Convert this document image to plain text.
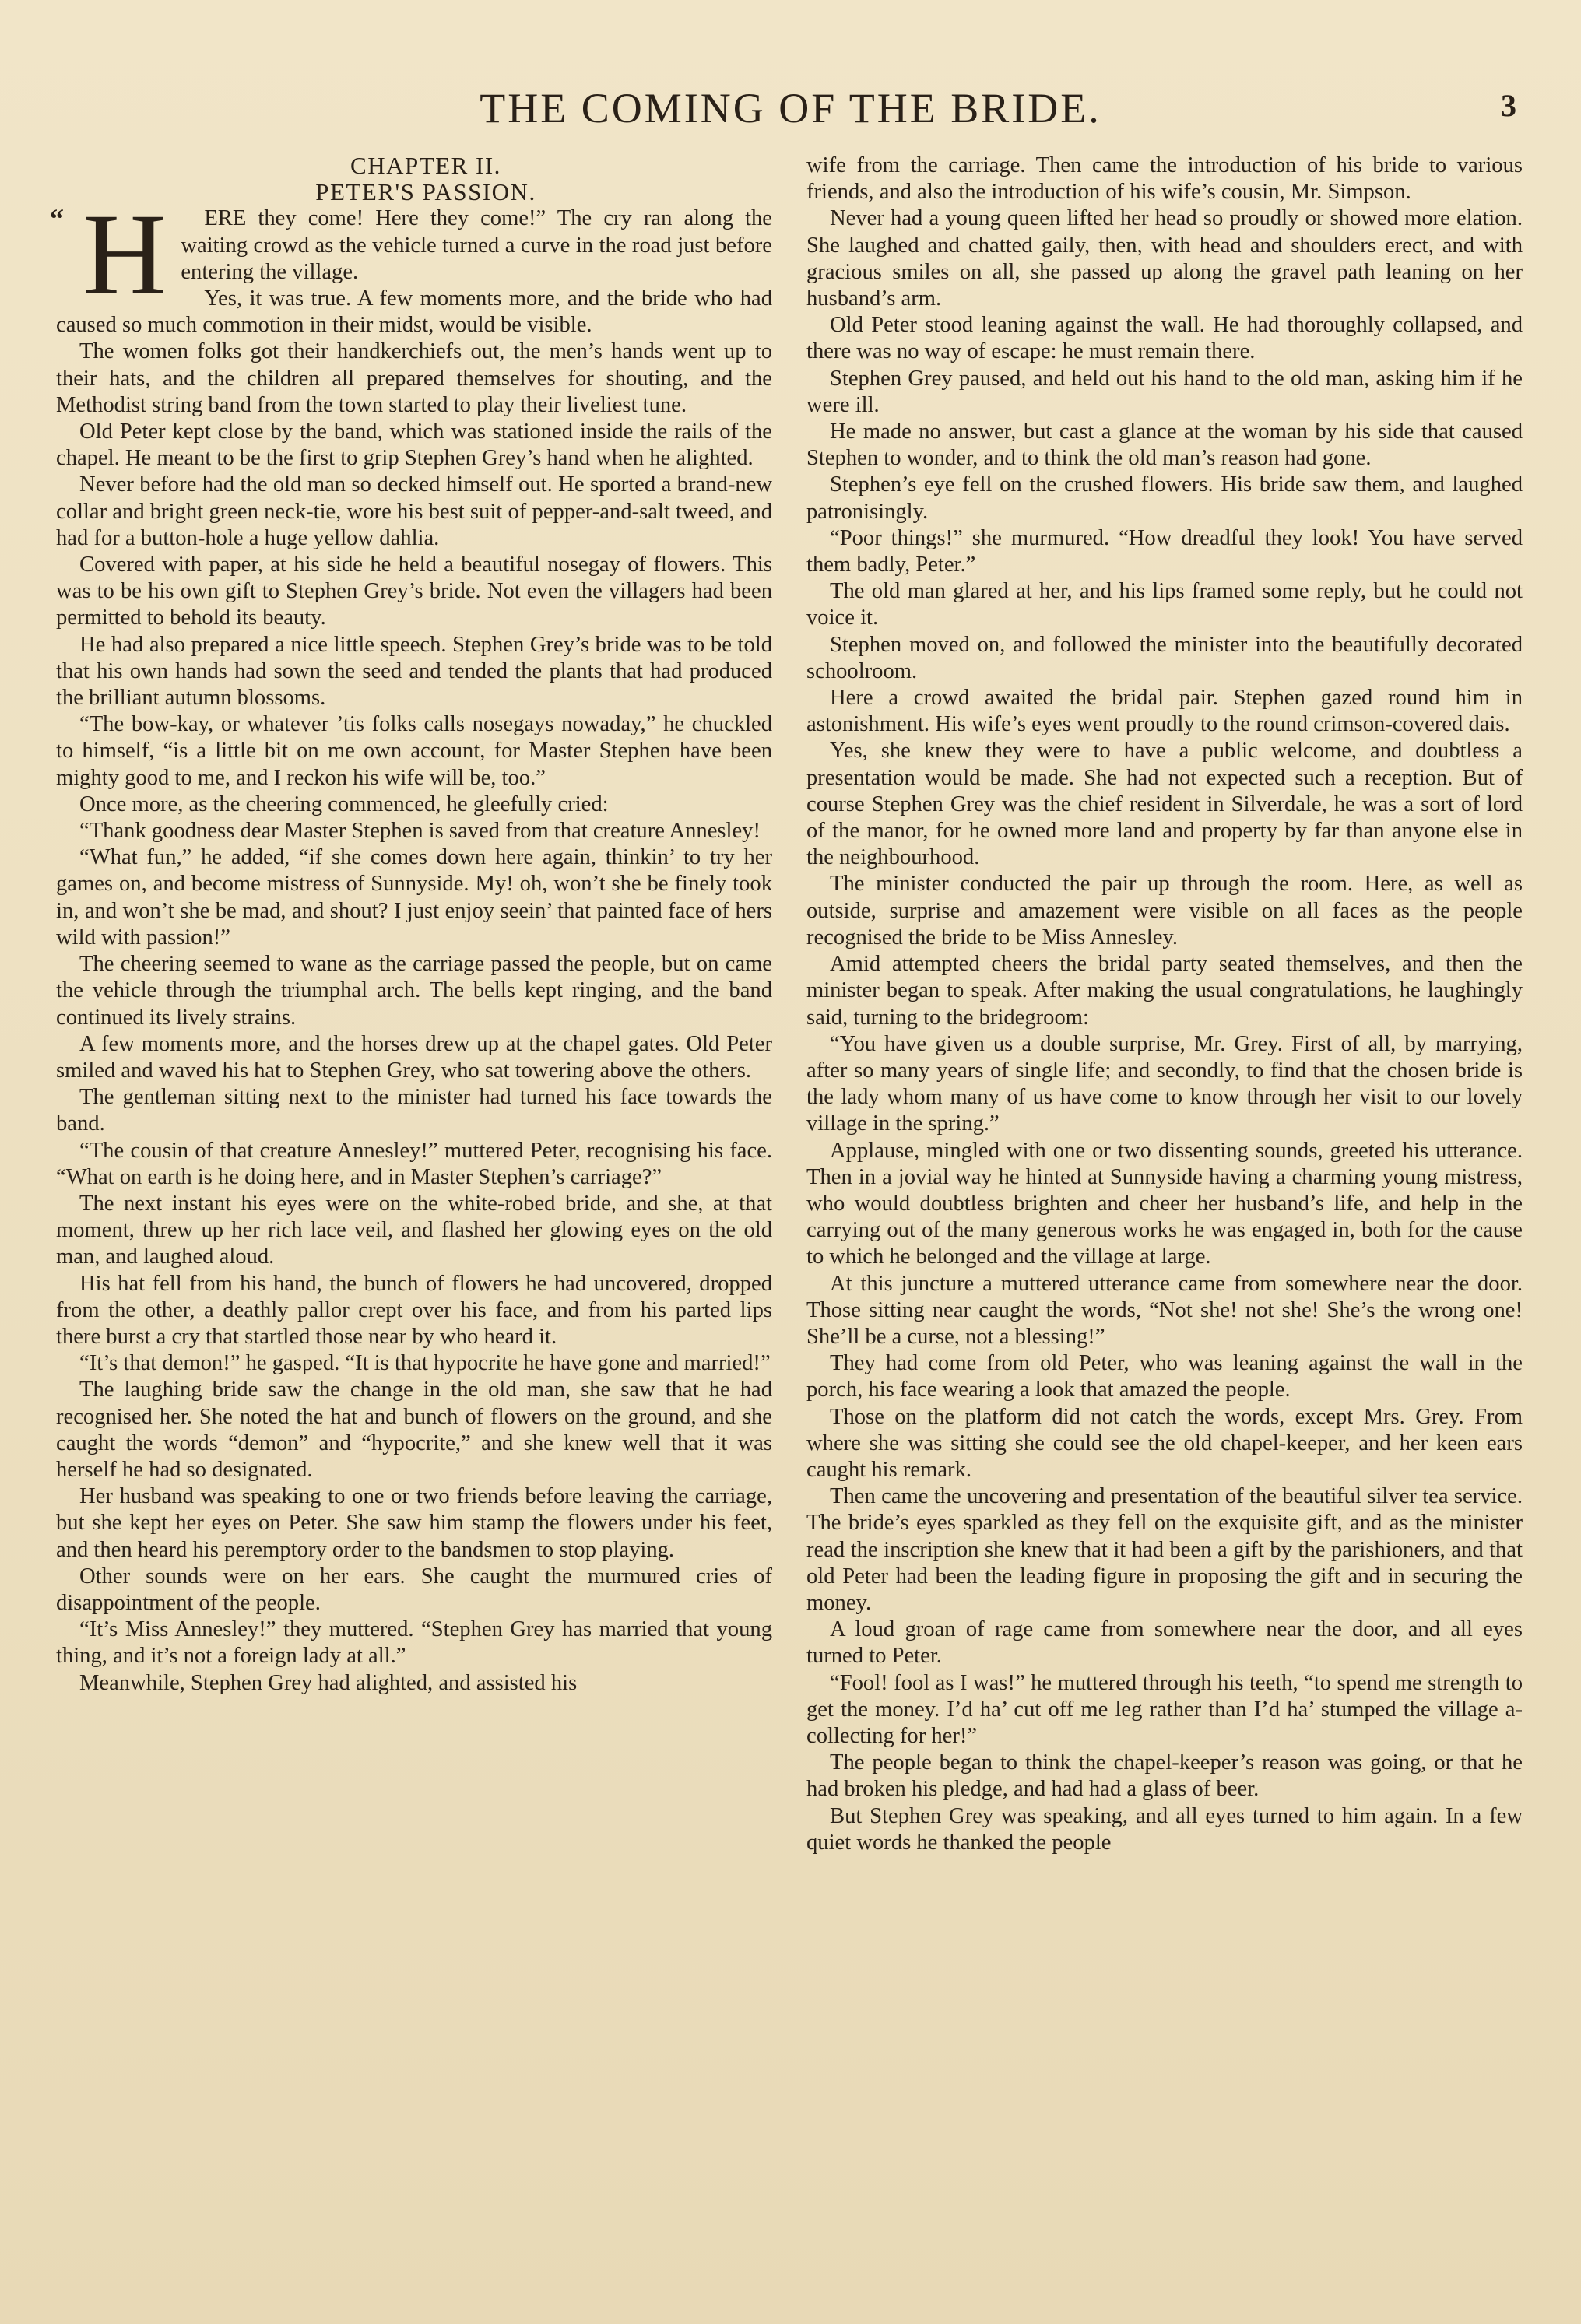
THE COMING OF THE BRIDE.	3

CHAPTER II.

PETER'S PASSION.

“ H	ERE they come! Here they come!” The cry ran along the waiting crowd as the vehicle turned a curve in the road just before entering the village.

Yes, it was true. A few moments more, and the bride who had caused so much commotion in their midst, would be visible.

The women folks got their handkerchiefs out, the men’s hands went up to their hats, and the children all prepared themselves for shouting, and the Methodist string band from the town started to play their liveliest tune.

Old Peter kept close by the band, which was stationed inside the rails of the chapel. He meant to be the first to grip Stephen Grey’s hand when he alighted.

Never before had the old man so decked himself out. He sported a brand-new collar and bright green neck-tie, wore his best suit of pepper-and-salt tweed, and had for a button-hole a huge yellow dahlia.

Covered with paper, at his side he held a beautiful nosegay of flowers. This was to be his own gift to Stephen Grey’s bride. Not even the villagers had been permitted to behold its beauty.

He had also prepared a nice little speech. Stephen Grey’s bride was to be told that his own hands had sown the seed and tended the plants that had produced the brilliant autumn blossoms.

“The bow-kay, or whatever ’tis folks calls nosegays nowaday,” he chuckled to himself, “is a little bit on me own account, for Master Stephen have been mighty good to me, and I reckon his wife will be, too.”

Once more, as the cheering commenced, he gleefully cried:

“Thank goodness dear Master Stephen is saved from that creature Annesley!

“What fun,” he added, “if she comes down here again, thinkin’ to try her games on, and become mistress of Sunnyside. My! oh, won’t she be finely took in, and won’t she be mad, and shout? I just enjoy seein’ that painted face of hers wild with passion!”

The cheering seemed to wane as the carriage passed the people, but on came the vehicle through the triumphal arch. The bells kept ringing, and the band continued its lively strains.

A few moments more, and the horses drew up at the chapel gates. Old Peter smiled and waved his hat to Stephen Grey, who sat towering above the others.

The gentleman sitting next to the minister had turned his face towards the band.

“The cousin of that creature Annesley!” muttered Peter, recognising his face. “What on earth is he doing here, and in Master Stephen’s carriage?”

The next instant his eyes were on the white-robed bride, and she, at that moment, threw up her rich lace veil, and flashed her glowing eyes on the old man, and laughed aloud.

His hat fell from his hand, the bunch of flowers he had uncovered, dropped from the other, a deathly pallor crept over his face, and from his parted lips there burst a cry that startled those near by who heard it.

“It’s that demon!” he gasped. “It is that hypocrite he have gone and married!”

The laughing bride saw the change in the old man, she saw that he had recognised her. She noted the hat and bunch of flowers on the ground, and she caught the words “demon” and “hypocrite,” and she knew well that it was herself he had so designated.

Her husband was speaking to one or two friends before leaving the carriage, but she kept her eyes on Peter. She saw him stamp the flowers under his feet, and then heard his peremptory order to the bandsmen to stop playing.

Other sounds were on her ears. She caught the murmured cries of disappointment of the people.

“It’s Miss Annesley!” they muttered. “Stephen Grey has married that young thing, and it’s not a foreign lady at all.”

Meanwhile, Stephen Grey had alighted, and assisted his

wife from the carriage. Then came the introduction of his bride to various friends, and also the introduction of his wife’s cousin, Mr. Simpson.

Never had a young queen lifted her head so proudly or showed more elation. She laughed and chatted gaily, then, with head and shoulders erect, and with gracious smiles on all, she passed up along the gravel path leaning on her husband’s arm.

Old Peter stood leaning against the wall. He had thoroughly collapsed, and there was no way of escape: he must remain there.

Stephen Grey paused, and held out his hand to the old man, asking him if he were ill.

He made no answer, but cast a glance at the woman by his side that caused Stephen to wonder, and to think the old man’s reason had gone.

Stephen’s eye fell on the crushed flowers. His bride saw them, and laughed patronisingly.

“Poor things!” she murmured. “How dreadful they look! You have served them badly, Peter.”

The old man glared at her, and his lips framed some reply, but he could not voice it.

Stephen moved on, and followed the minister into the beautifully decorated schoolroom.

Here a crowd awaited the bridal pair. Stephen gazed round him in astonishment. His wife’s eyes went proudly to the round crimson-covered dais.

Yes, she knew they were to have a public welcome, and doubtless a presentation would be made. She had not expected such a reception. But of course Stephen Grey was the chief resident in Silverdale, he was a sort of lord of the manor, for he owned more land and property by far than anyone else in the neighbourhood.

The minister conducted the pair up through the room. Here, as well as outside, surprise and amazement were visible on all faces as the people recognised the bride to be Miss Annesley.

Amid attempted cheers the bridal party seated themselves, and then the minister began to speak. After making the usual congratulations, he laughingly said, turning to the bridegroom:

“You have given us a double surprise, Mr. Grey. First of all, by marrying, after so many years of single life; and secondly, to find that the chosen bride is the lady whom many of us have come to know through her visit to our lovely village in the spring.”

Applause, mingled with one or two dissenting sounds, greeted his utterance. Then in a jovial way he hinted at Sunnyside having a charming young mistress, who would doubtless brighten and cheer her husband’s life, and help in the carrying out of the many generous works he was engaged in, both for the cause to which he belonged and the village at large.

At this juncture a muttered utterance came from somewhere near the door. Those sitting near caught the words, “Not she! not she! She’s the wrong one! She’ll be a curse, not a blessing!”

They had come from old Peter, who was leaning against the wall in the porch, his face wearing a look that amazed the people.

Those on the platform did not catch the words, except Mrs. Grey. From where she was sitting she could see the old chapel-keeper, and her keen ears caught his remark.

Then came the uncovering and presentation of the beautiful silver tea service. The bride’s eyes sparkled as they fell on the exquisite gift, and as the minister read the inscription she knew that it had been a gift by the parishioners, and that old Peter had been the leading figure in proposing the gift and in securing the money.

A loud groan of rage came from somewhere near the door, and all eyes turned to Peter.

“Fool! fool as I was!” he muttered through his teeth, “to spend me strength to get the money. I’d ha’ cut off me leg rather than I’d ha’ stumped the village a-collecting for her!”

The people began to think the chapel-keeper’s reason was going, or that he had broken his pledge, and had had a glass of beer.

But Stephen Grey was speaking, and all eyes turned to him again. In a few quiet words he thanked the people
